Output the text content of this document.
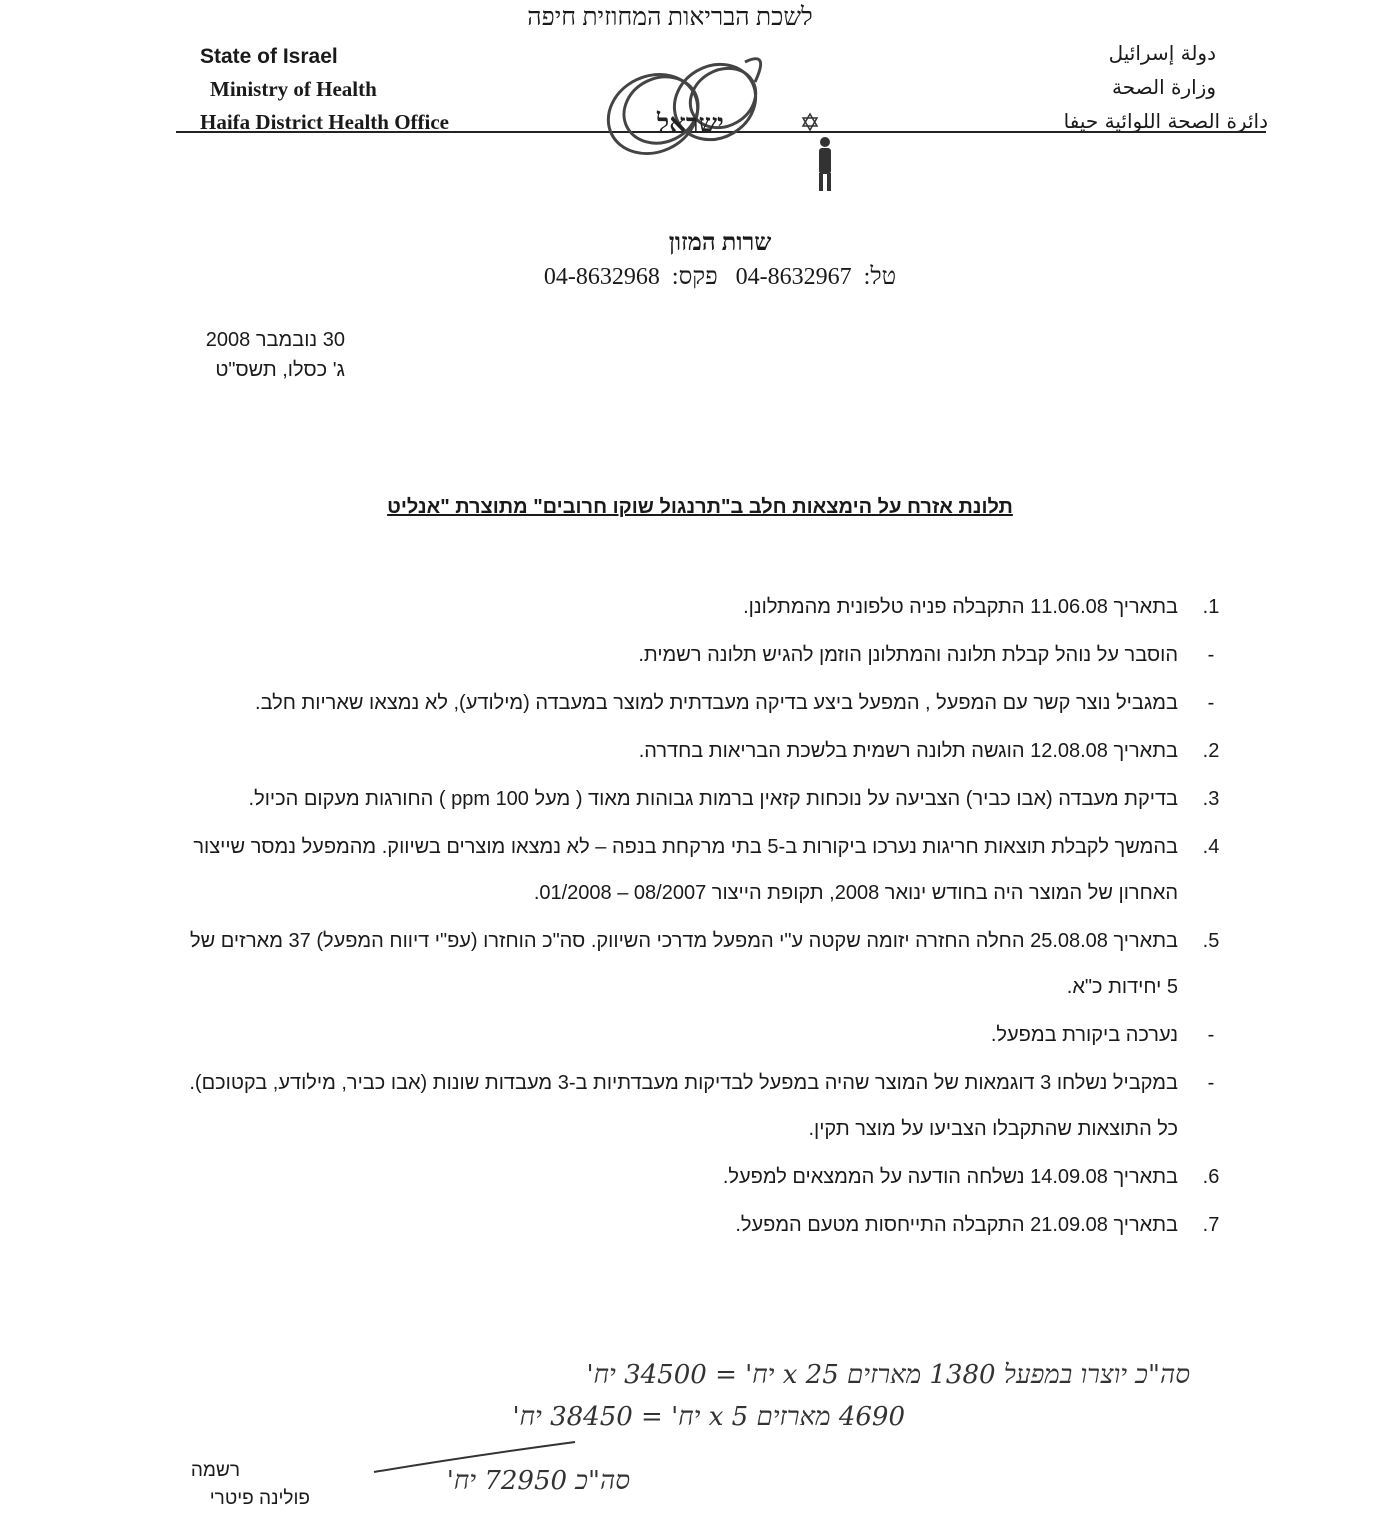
לשכת הבריאות המחוזית חיפה
State of Israel
Ministry of Health
Haifa District Health Office
دولة إسرائيل
وزارة الصحة
دائرة الصحة اللوائية حيفا
ישראל
שרות המזון
טל:04-8632967 פקס:04-8632968
30 נובמבר 2008
ג' כסלו, תשס"ט
תלונת אזרח על הימצאות חלב ב"תרנגול שוקו חרובים" מתוצרת "אנליט
1.
בתאריך 11.06.08 התקבלה פניה טלפונית מהמתלונן.
-
הוסבר על נוהל קבלת תלונה והמתלונן הוזמן להגיש תלונה רשמית.
-
במגביל נוצר קשר עם המפעל , המפעל ביצע בדיקה מעבדתית למוצר במעבדה (מילודע), לא נמצאו שאריות חלב.
2.
בתאריך 12.08.08 הוגשה תלונה רשמית בלשכת הבריאות בחדרה.
3.
בדיקת מעבדה (אבו כביר) הצביעה על נוכחות קזאין ברמות גבוהות מאוד ( מעל 100 ppm ) החורגות מעקום הכיול.
4.
בהמשך לקבלת תוצאות חריגות נערכו ביקורות ב-5 בתי מרקחת בנפה – לא נמצאו מוצרים בשיווק. מהמפעל נמסר שייצור האחרון של המוצר היה בחודש ינואר 2008, תקופת הייצור 08/2007 – 01/2008.
5.
בתאריך 25.08.08 החלה החזרה יזומה שקטה ע"י המפעל מדרכי השיווק. סה"כ הוחזרו (עפ"י דיווח המפעל) 37 מארזים של 5 יחידות כ"א.
-
נערכה ביקורת במפעל.
-
במקביל נשלחו 3 דוגמאות של המוצר שהיה במפעל לבדיקות מעבדתיות ב-3 מעבדות שונות (אבו כביר, מילודע, בקטוכם). כל התוצאות שהתקבלו הצביעו על מוצר תקין.
6.
בתאריך 14.09.08 נשלחה הודעה על הממצאים למפעל.
7.
בתאריך 21.09.08 התקבלה התייחסות מטעם המפעל.
סה"כ יוצרו במפעל 1380 מארזים x 25 יח' = 34500 יח'
4690 מארזים x 5 יח' = 38450 יח'
סה"כ 72950 יח'
רשמה
פולינה פיטרי
